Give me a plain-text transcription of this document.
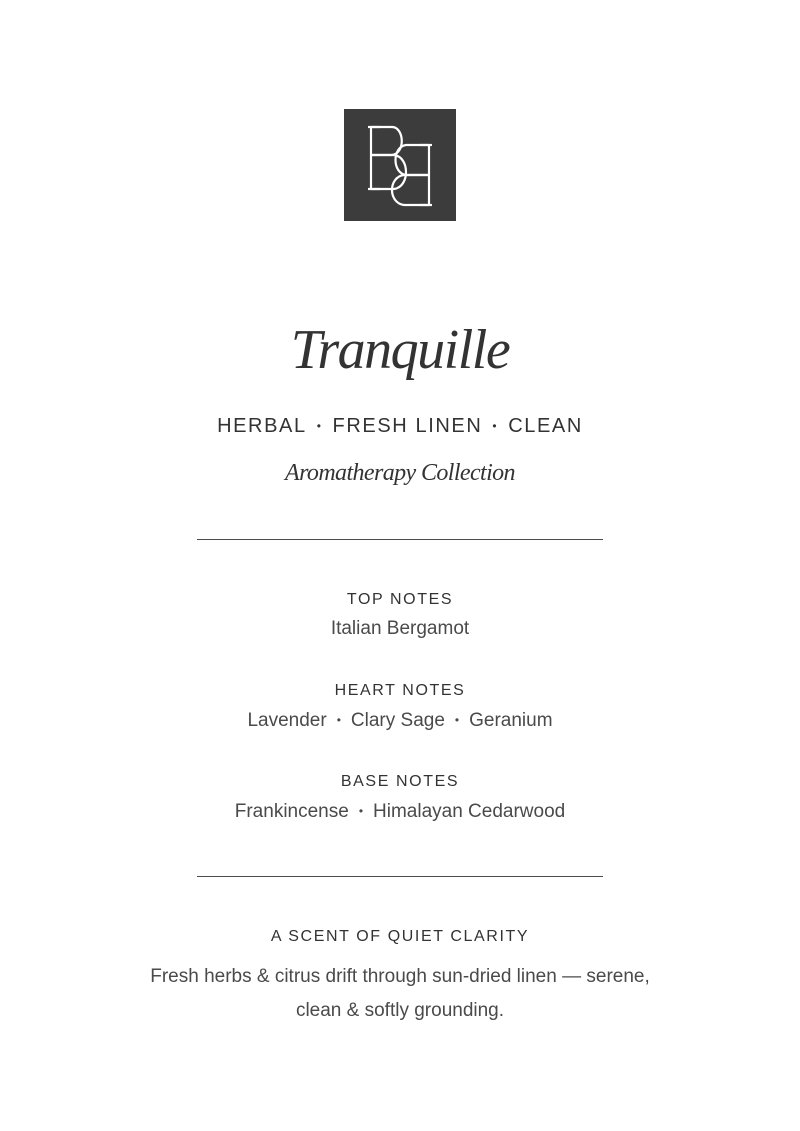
Tranquille
HERBAL • FRESH LINEN • CLEAN
Aromatherapy Collection
TOP NOTES
Italian Bergamot
HEART NOTES
Lavender • Clary Sage • Geranium
BASE NOTES
Frankincense • Himalayan Cedarwood
A SCENT OF QUIET CLARITY
Fresh herbs & citrus drift through sun-dried linen — serene, clean & softly grounding.
